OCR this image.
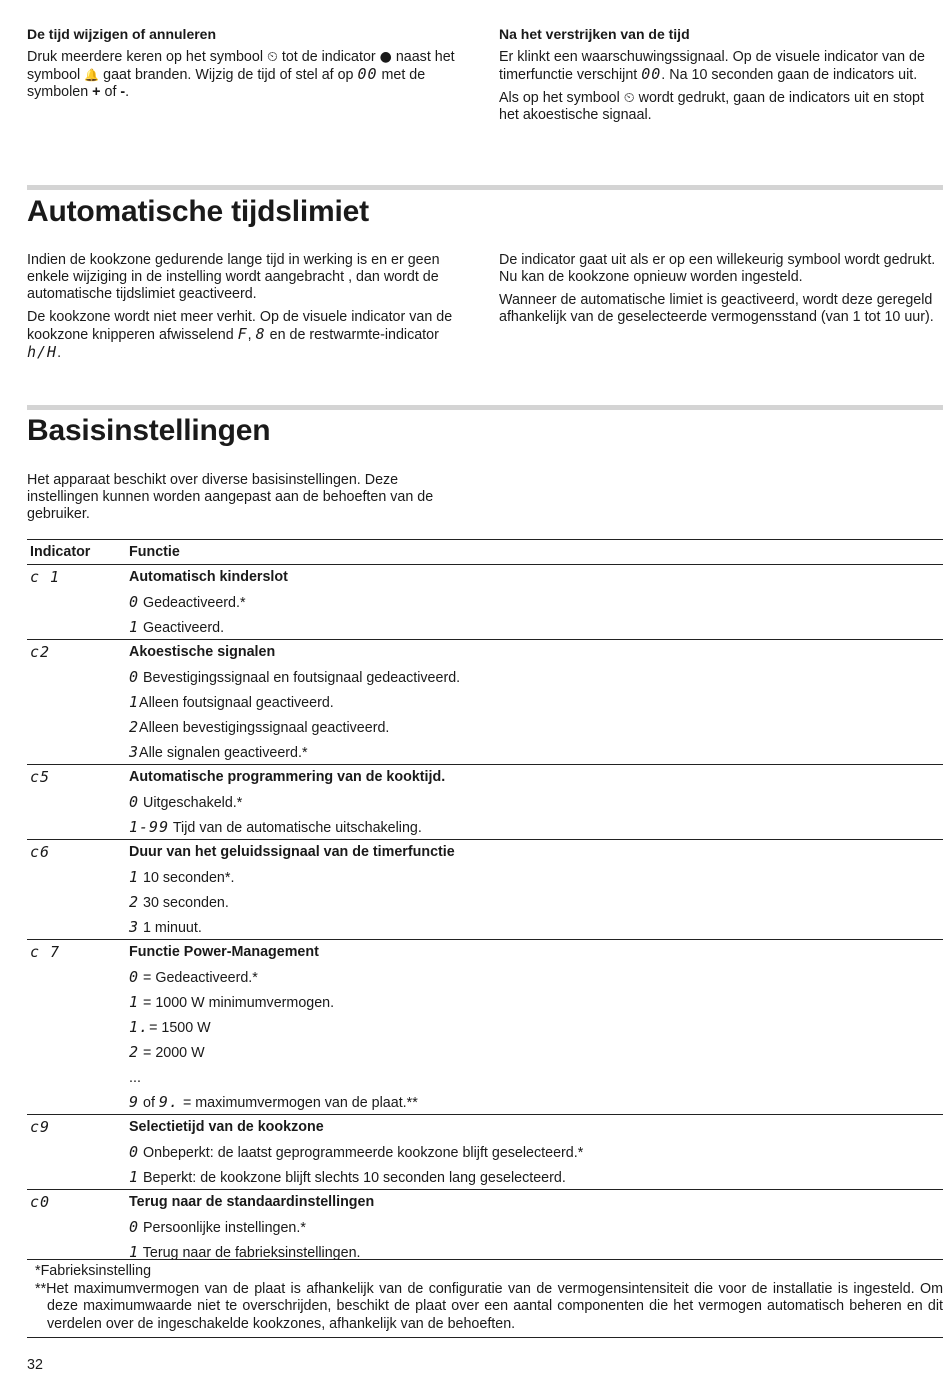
De tijd wijzigen of annuleren

Druk meerdere keren op het symbool ⏲ tot de indicator ● naast het symbool 🔔 gaat branden. Wijzig de tijd of stel af op 00 met de symbolen + of -.

Na het verstrijken van de tijd

Er klinkt een waarschuwingssignaal. Op de visuele indicator van de timerfunctie verschijnt 00. Na 10 seconden gaan de indicators uit.

Als op het symbool ⏲ wordt gedrukt, gaan de indicators uit en stopt het akoestische signaal.

Automatische tijdslimiet

Indien de kookzone gedurende lange tijd in werking is en er geen enkele wijziging in de instelling wordt aangebracht , dan wordt de automatische tijdslimiet geactiveerd.

De kookzone wordt niet meer verhit. Op de visuele indicator van de kookzone knipperen afwisselend F, 8 en de restwarmte-indicator h/H.

De indicator gaat uit als er op een willekeurig symbool wordt gedrukt. Nu kan de kookzone opnieuw worden ingesteld.

Wanneer de automatische limiet is geactiveerd, wordt deze geregeld afhankelijk van de geselecteerde vermogensstand (van 1 tot 10 uur).

Basisinstellingen

Het apparaat beschikt over diverse basisinstellingen. Deze instellingen kunnen worden aangepast aan de behoeften van de gebruiker.

Indicator	Functie
c 1	Automatisch kinderslot
	0 Gedeactiveerd.*
	1 Geactiveerd.
c2	Akoestische signalen
	0 Bevestigingssignaal en foutsignaal gedeactiveerd.
	1Alleen foutsignaal geactiveerd.
	2Alleen bevestigingssignaal geactiveerd.
	3Alle signalen geactiveerd.*
c5	Automatische programmering van de kooktijd.
	0 Uitgeschakeld.*
	1-99 Tijd van de automatische uitschakeling.
c6	Duur van het geluidssignaal van de timerfunctie
	1 10 seconden*.
	2 30 seconden.
	3 1 minuut.
c 7	Functie Power-Management
	0 = Gedeactiveerd.*
	1 = 1000 W minimumvermogen.
	1.= 1500 W
	2 = 2000 W
	...
	9 of 9. = maximumvermogen van de plaat.**
c9	Selectietijd van de kookzone
	0 Onbeperkt: de laatst geprogrammeerde kookzone blijft geselecteerd.*
	1 Beperkt: de kookzone blijft slechts 10 seconden lang geselecteerd.
c0	Terug naar de standaardinstellingen
	0 Persoonlijke instellingen.*
	1 Terug naar de fabrieksinstellingen.

*Fabrieksinstelling

**Het maximumvermogen van de plaat is afhankelijk van de configuratie van de vermogensintensiteit die voor de installatie is ingesteld. Om deze maximumwaarde niet te overschrijden, beschikt de plaat over een aantal componenten die het vermogen automatisch beheren en dit verdelen over de ingeschakelde kookzones, afhankelijk van de behoeften.

32
